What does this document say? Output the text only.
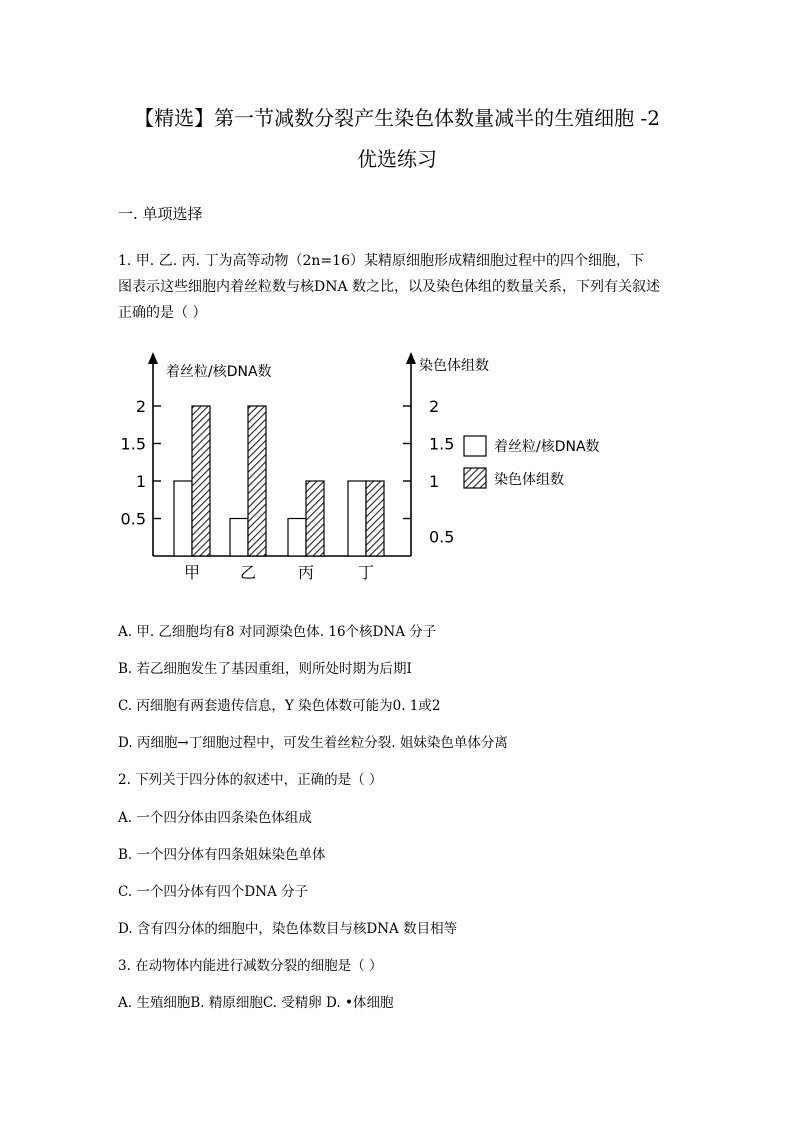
【精选】第一节减数分裂产生染色体数量减半的生殖细胞 -2
优选练习
一. 单项选择
1. 甲. 乙. 丙. 丁为高等动物（2n=16）某精原细胞形成精细胞过程中的四个细胞，下
图表示这些细胞内着丝粒数与核DNA 数之比，以及染色体组的数量关系，下列有关叙述
正确的是（ ）
着丝粒/核DNA数	染色体组数
2
1.5
1
0.5
2
1.5
1
0.5
甲 乙	丙	丁
着丝粒/核DNA数
染色体组数
A. 甲. 乙细胞均有8 对同源染色体. 16个核DNA 分子
B. 若乙细胞发生了基因重组，则所处时期为后期I
C. 丙细胞有两套遗传信息，Y 染色体数可能为0. 1或2
D. 丙细胞→丁细胞过程中，可发生着丝粒分裂. 姐妹染色单体分离
2. 下列关于四分体的叙述中，正确的是（ ）
A. 一个四分体由四条染色体组成
B. 一个四分体有四条姐妹染色单体
C. 一个四分体有四个DNA 分子
D. 含有四分体的细胞中，染色体数目与核DNA 数目相等
3. 在动物体内能进行减数分裂的细胞是（ ）
A. 生殖细胞B. 精原细胞C. 受精卵 D. •体细胞
